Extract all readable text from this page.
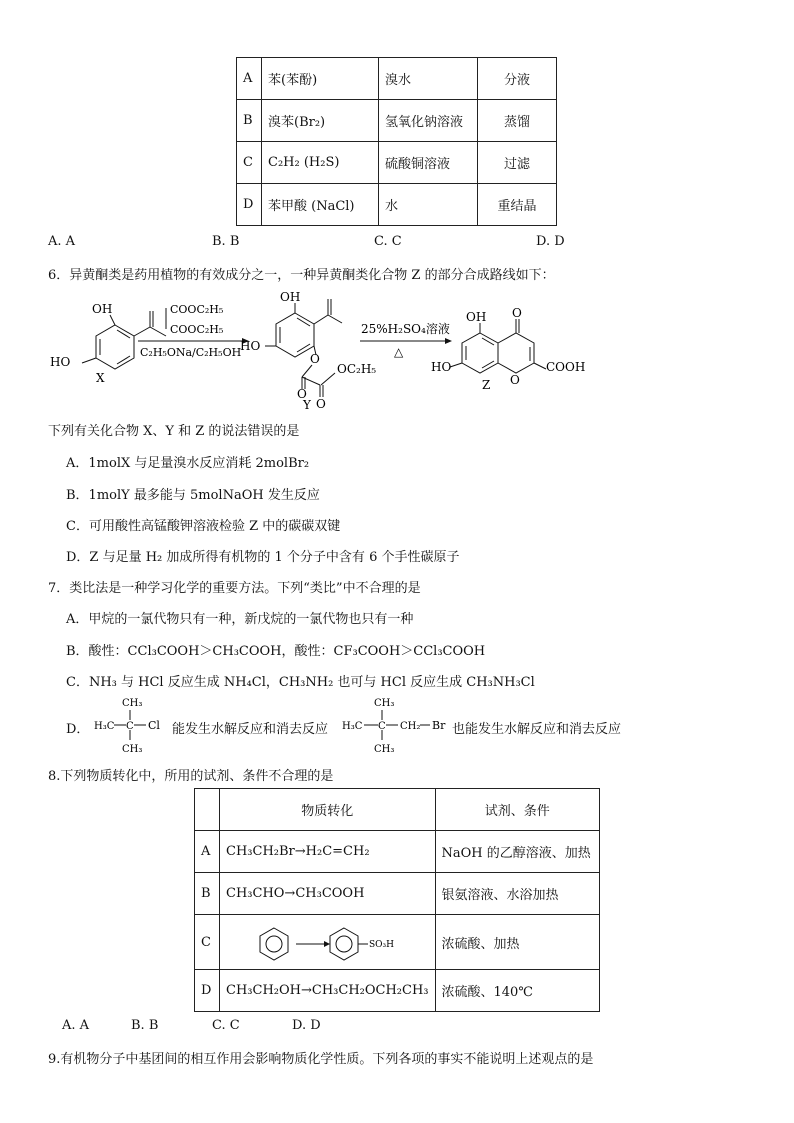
A	苯(苯酚)	溴水	分液
B	溴苯(Br₂)	氢氧化钠溶液	蒸馏
C	C₂H₂ (H₂S)	硫酸铜溶液	过滤
D	苯甲酸 (NaCl)	水	重结晶
A. A	B. B	C. C	D. D
6．异黄酮类是药用植物的有效成分之一，一种异黄酮类化合物 Z 的部分合成路线如下：
OH
HO
X
COOC₂H₅
COOC₂H₅
C₂H₅ONa/C₂H₅OH
OH
HO
O
O
O
OC₂H₅
Y
25%H₂SO₄溶液
△
OH O
HO
O
COOH
Z
下列有关化合物 X、Y 和 Z 的说法错误的是
A．1molX 与足量溴水反应消耗 2molBr₂
B．1molY 最多能与 5molNaOH 发生反应
C．可用酸性高锰酸钾溶液检验 Z 中的碳碳双键
D．Z 与足量 H₂ 加成所得有机物的 1 个分子中含有 6 个手性碳原子
7．类比法是一种学习化学的重要方法。下列“类比”中不合理的是
A．甲烷的一氯代物只有一种，新戊烷的一氯代物也只有一种
B．酸性：CCl₃COOH＞CH₃COOH，酸性：CF₃COOH＞CCl₃COOH
C．NH₃ 与 HCl 反应生成 NH₄Cl，CH₃NH₂ 也可与 HCl 反应生成 CH₃NH₃Cl
D．
CH₃
H₃C	Cl
CH₃
C	能发生水解反应和消去反应
CH₃
H₃C
CH₃
CH₂ Br
C	也能发生水解反应和消去反应
8.下列物质转化中，所用的试剂、条件不合理的是
	物质转化	试剂、条件
A	CH₃CH₂Br→H₂C=CH₂	NaOH 的乙醇溶液、加热
B	CH₃CHO→CH₃COOH	银氨溶液、水浴加热
C	SO₃H	浓硫酸、加热
D	CH₃CH₂OH→CH₃CH₂OCH₂CH₃	浓硫酸、140℃
A. A	B. B	C. C	D. D
9.有机物分子中基团间的相互作用会影响物质化学性质。下列各项的事实不能说明上述观点的是
